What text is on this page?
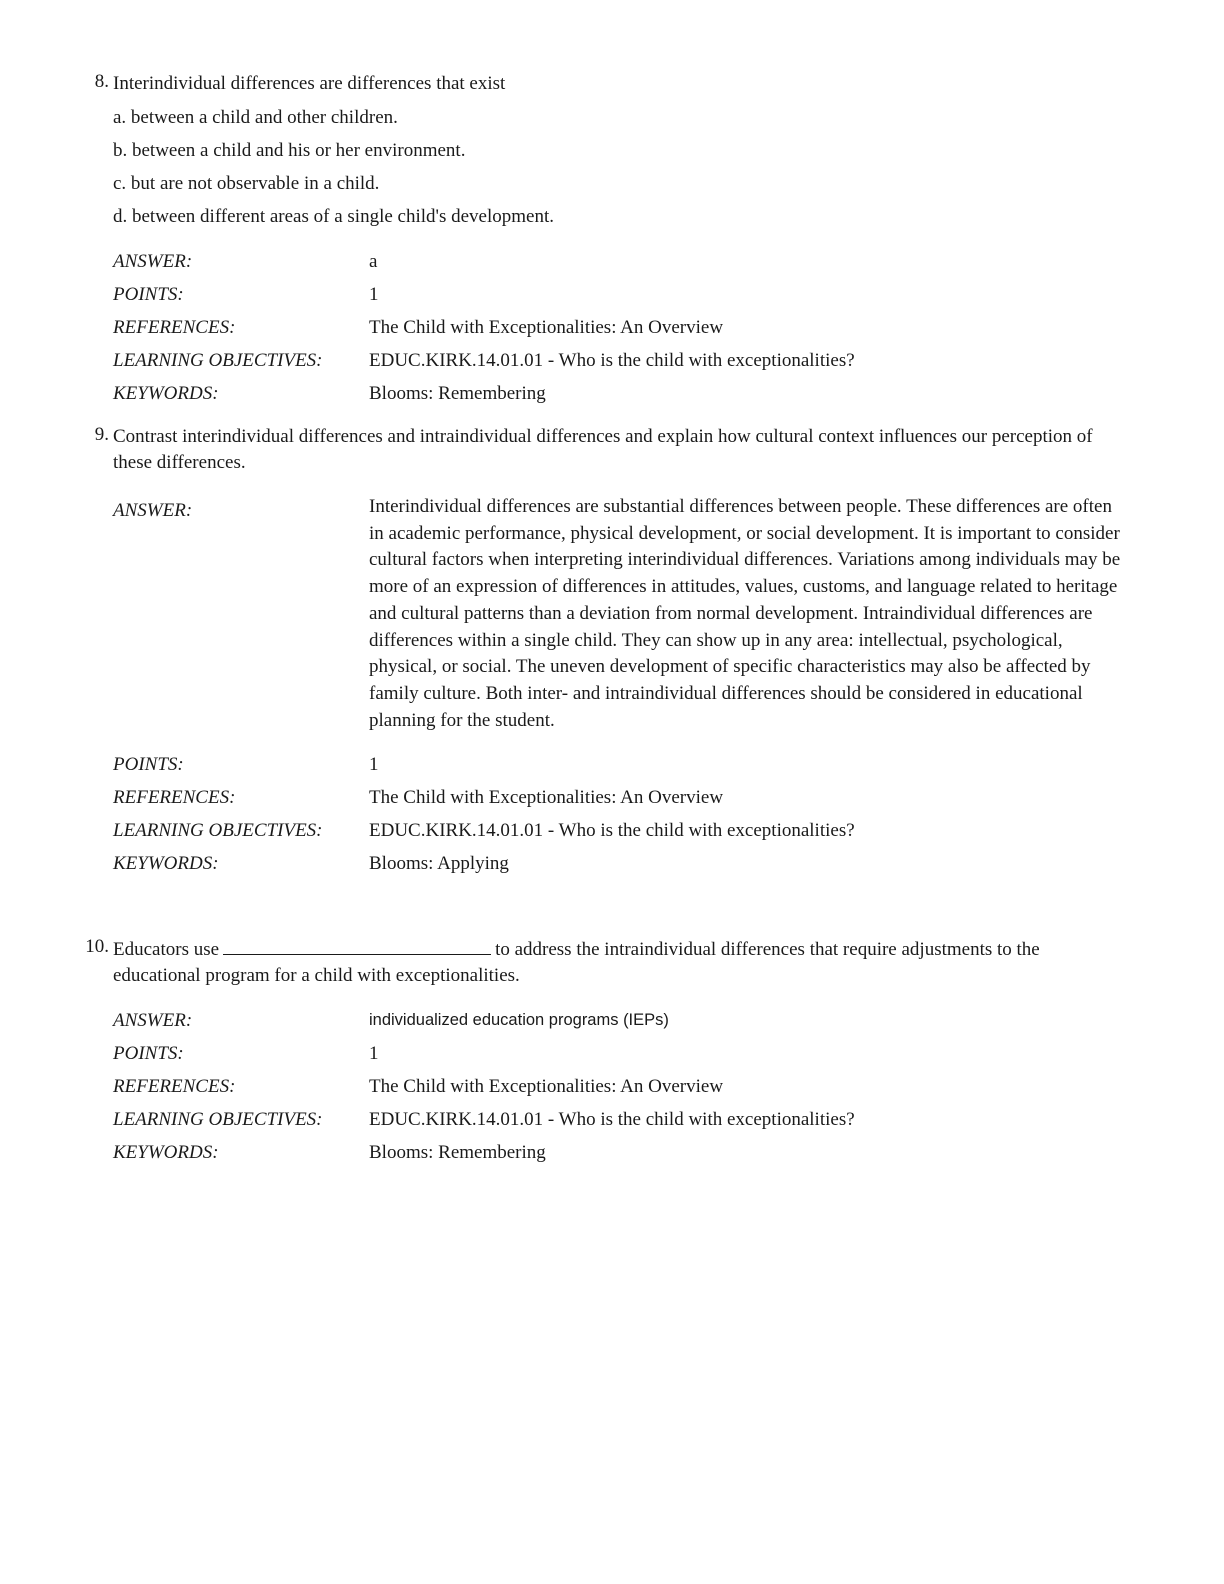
8. Interindividual differences are differences that exist
a. between a child and other children.
b. between a child and his or her environment.
c. but are not observable in a child.
d. between different areas of a single child's development.
ANSWER:	a
POINTS:	1
REFERENCES:	The Child with Exceptionalities: An Overview
LEARNING OBJECTIVES: EDUC.KIRK.14.01.01 - Who is the child with exceptionalities?
KEYWORDS:	Blooms: Remembering
9. Contrast interindividual differences and intraindividual differences and explain how cultural context influences our perception of these differences.
ANSWER:	Interindividual differences are substantial differences between people. These differences are often in academic performance, physical development, or social development. It is important to consider cultural factors when interpreting interindividual differences. Variations among individuals may be more of an expression of differences in attitudes, values, customs, and language related to heritage and cultural patterns than a deviation from normal development. Intraindividual differences are differences within a single child. They can show up in any area: intellectual, psychological, physical, or social. The uneven development of specific characteristics may also be affected by family culture. Both inter- and intraindividual differences should be considered in educational planning for the student.
POINTS:	1
REFERENCES:	The Child with Exceptionalities: An Overview
LEARNING OBJECTIVES: EDUC.KIRK.14.01.01 - Who is the child with exceptionalities?
KEYWORDS:	Blooms: Applying
10. Educators use	to address the intraindividual differences that require adjustments to the educational program for a child with exceptionalities.
ANSWER:	individualized education programs (IEPs)
POINTS:	1
REFERENCES:	The Child with Exceptionalities: An Overview
LEARNING OBJECTIVES: EDUC.KIRK.14.01.01 - Who is the child with exceptionalities?
KEYWORDS:	Blooms: Remembering
